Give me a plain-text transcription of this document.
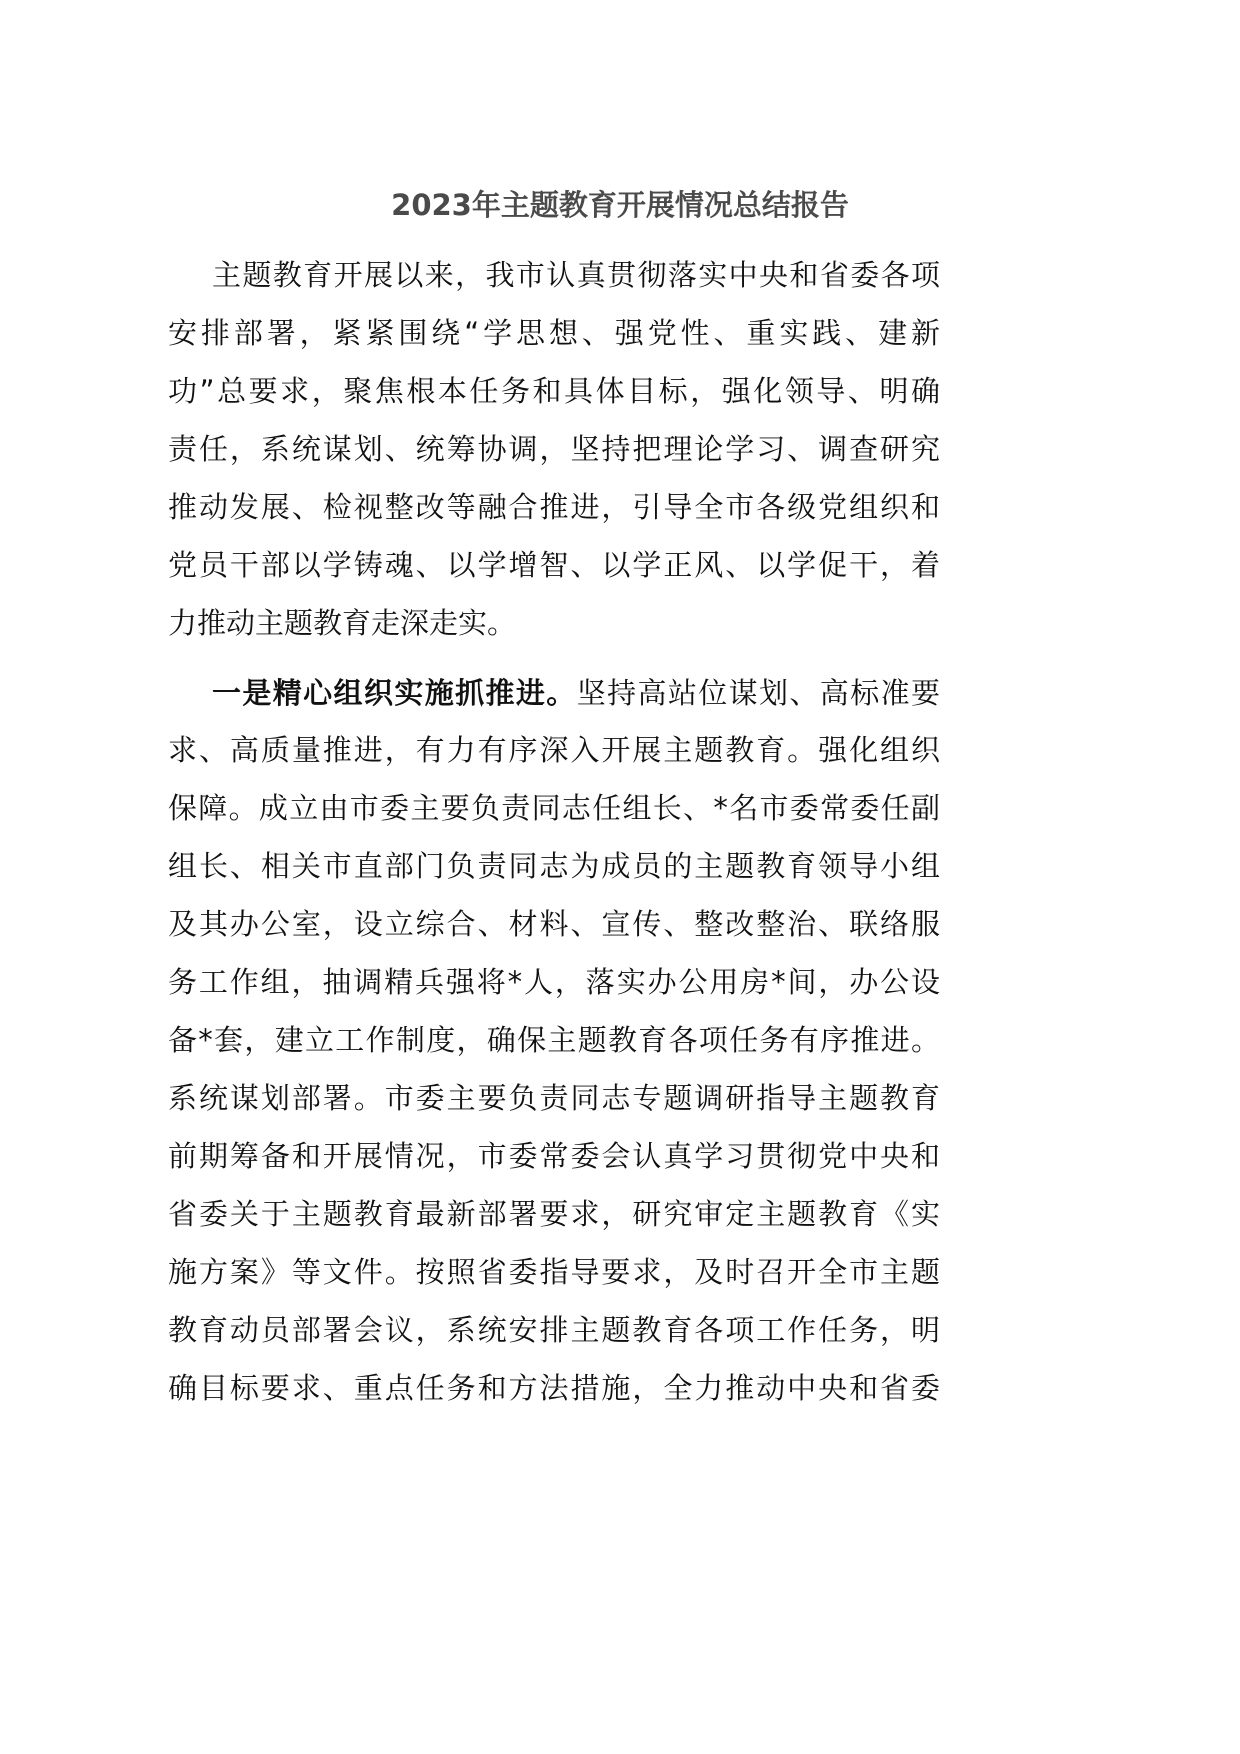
2023年主题教育开展情况总结报告
主题教育开展以来，我市认真贯彻落实中央和省委各项
安排部署，紧紧围绕“学思想、强党性、重实践、建新
功”总要求，聚焦根本任务和具体目标，强化领导、明确
责任，系统谋划、统筹协调，坚持把理论学习、调查研究
推动发展、检视整改等融合推进，引导全市各级党组织和
党员干部以学铸魂、以学增智、以学正风、以学促干，着
力推动主题教育走深走实。
一是精心组织实施抓推进。坚持高站位谋划、高标准要
求、高质量推进，有力有序深入开展主题教育。强化组织
保障。成立由市委主要负责同志任组长、*名市委常委任副
组长、相关市直部门负责同志为成员的主题教育领导小组
及其办公室，设立综合、材料、宣传、整改整治、联络服
务工作组，抽调精兵强将*人，落实办公用房*间，办公设
备*套，建立工作制度，确保主题教育各项任务有序推进。
系统谋划部署。市委主要负责同志专题调研指导主题教育
前期筹备和开展情况，市委常委会认真学习贯彻党中央和
省委关于主题教育最新部署要求，研究审定主题教育《实
施方案》等文件。按照省委指导要求，及时召开全市主题
教育动员部署会议，系统安排主题教育各项工作任务，明
确目标要求、重点任务和方法措施，全力推动中央和省委
